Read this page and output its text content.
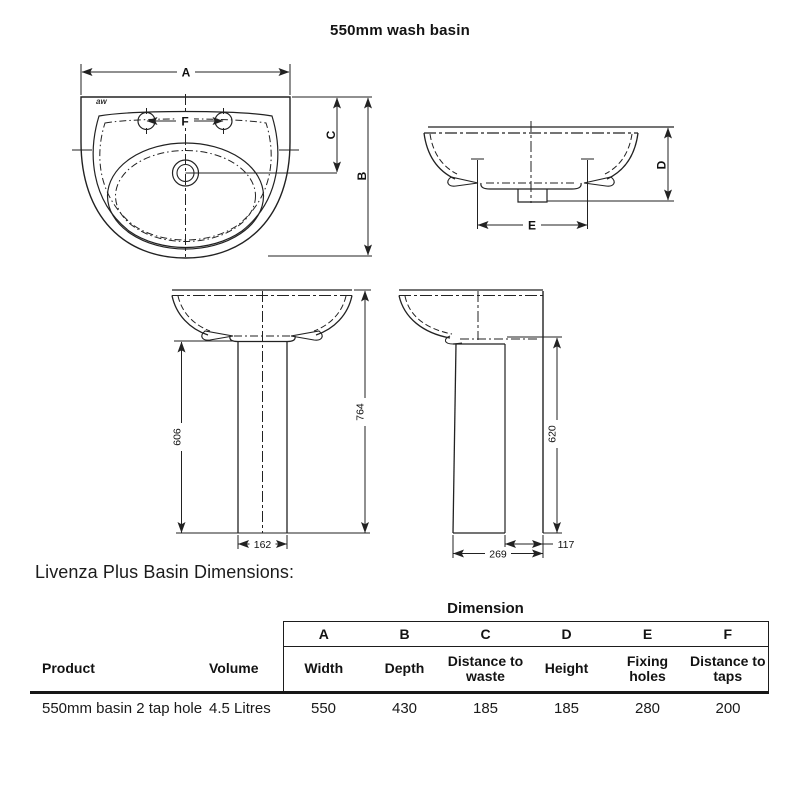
550mm wash basin
aw
A
F
C
B
E
D
606
764
162
620
117
269
Livenza Plus Basin Dimensions:
		Dimension					
		A	B	C	D	E	F
Product	Volume	Width	Depth	Distance to waste	Height	Fixing holes	Distance to taps
550mm basin 2 tap hole	4.5 Litres	550	430	185	185	280	200
